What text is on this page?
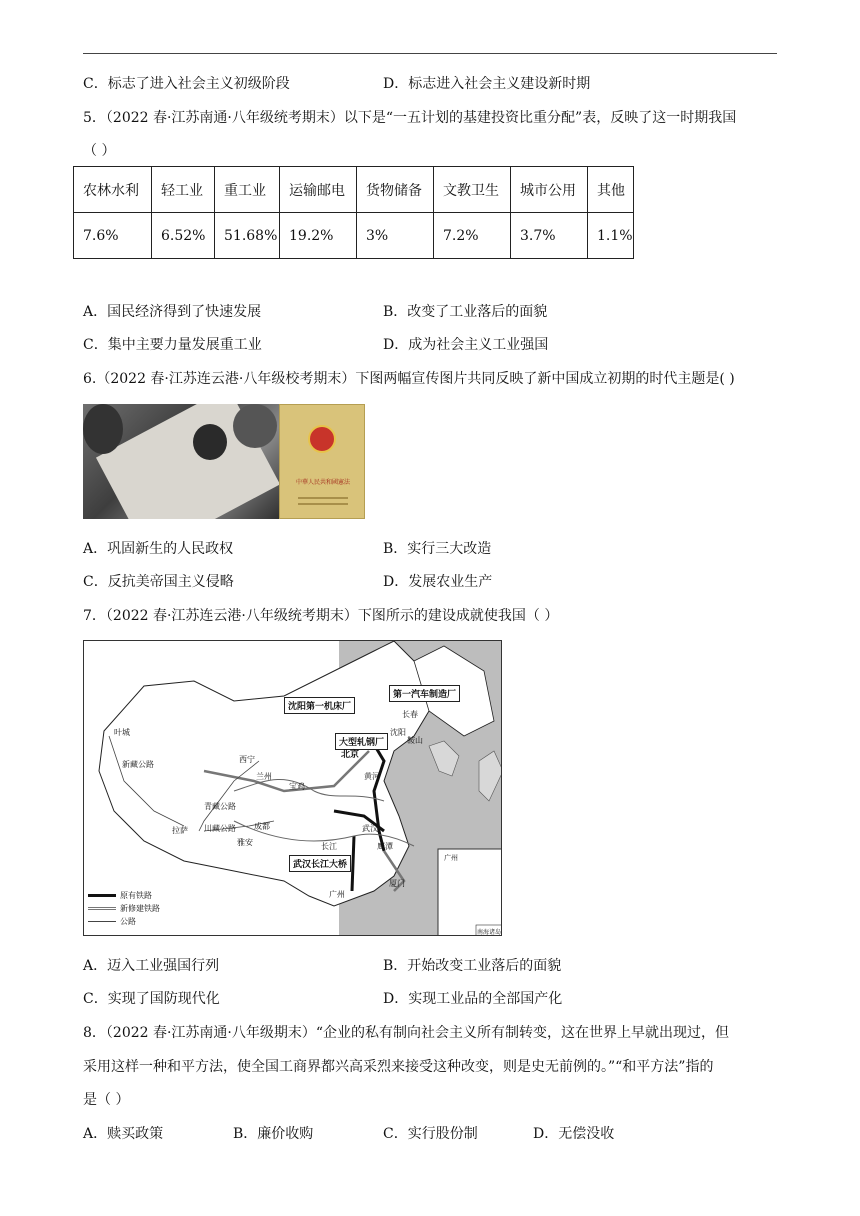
C．标志了进入社会主义初级阶段	D．标志进入社会主义建设新时期
5．（2022 春·江苏南通·八年级统考期末）以下是“一五计划的基建投资比重分配”表，反映了这一时期我国
（ ）
农林水利	轻工业	重工业	运输邮电	货物储备	文教卫生	城市公用	其他
7.6%	6.52%	51.68%	19.2%	3%	7.2%	3.7%	1.1%
A．国民经济得到了快速发展	B．改变了工业落后的面貌
C．集中主要力量发展重工业	D．成为社会主义工业强国
6.（2022 春·江苏连云港·八年级校考期末）下图两幅宣传图片共同反映了新中国成立初期的时代主题是( )
中華人民共和國憲法
A．巩固新生的人民政权	B．实行三大改造
C．反抗美帝国主义侵略	D．发展农业生产
7．（2022 春·江苏连云港·八年级统考期末）下图所示的建设成就使我国（ ）
沈阳第一机床厂
第一汽车制造厂
大型轧钢厂
武汉长江大桥
叶城
西宁
兰州
宝鸡
拉萨	成都
雅安
北京
沈阳
长春
鞍山
武汉
鹰潭
广州
厦门
新藏公路
青藏公路
川藏公路
黄河
长江
广州
南海诸岛
原有铁路
新修建铁路
公路
A．迈入工业强国行列	B．开始改变工业落后的面貌
C．实现了国防现代化	D．实现工业品的全部国产化
8．（2022 春·江苏南通·八年级期末）“企业的私有制向社会主义所有制转变，这在世界上早就出现过，但
采用这样一种和平方法，使全国工商界都兴高采烈来接受这种改变，则是史无前例的。”“和平方法”指的
是（ ）
A．赎买政策	B．廉价收购	C．实行股份制	D．无偿没收
